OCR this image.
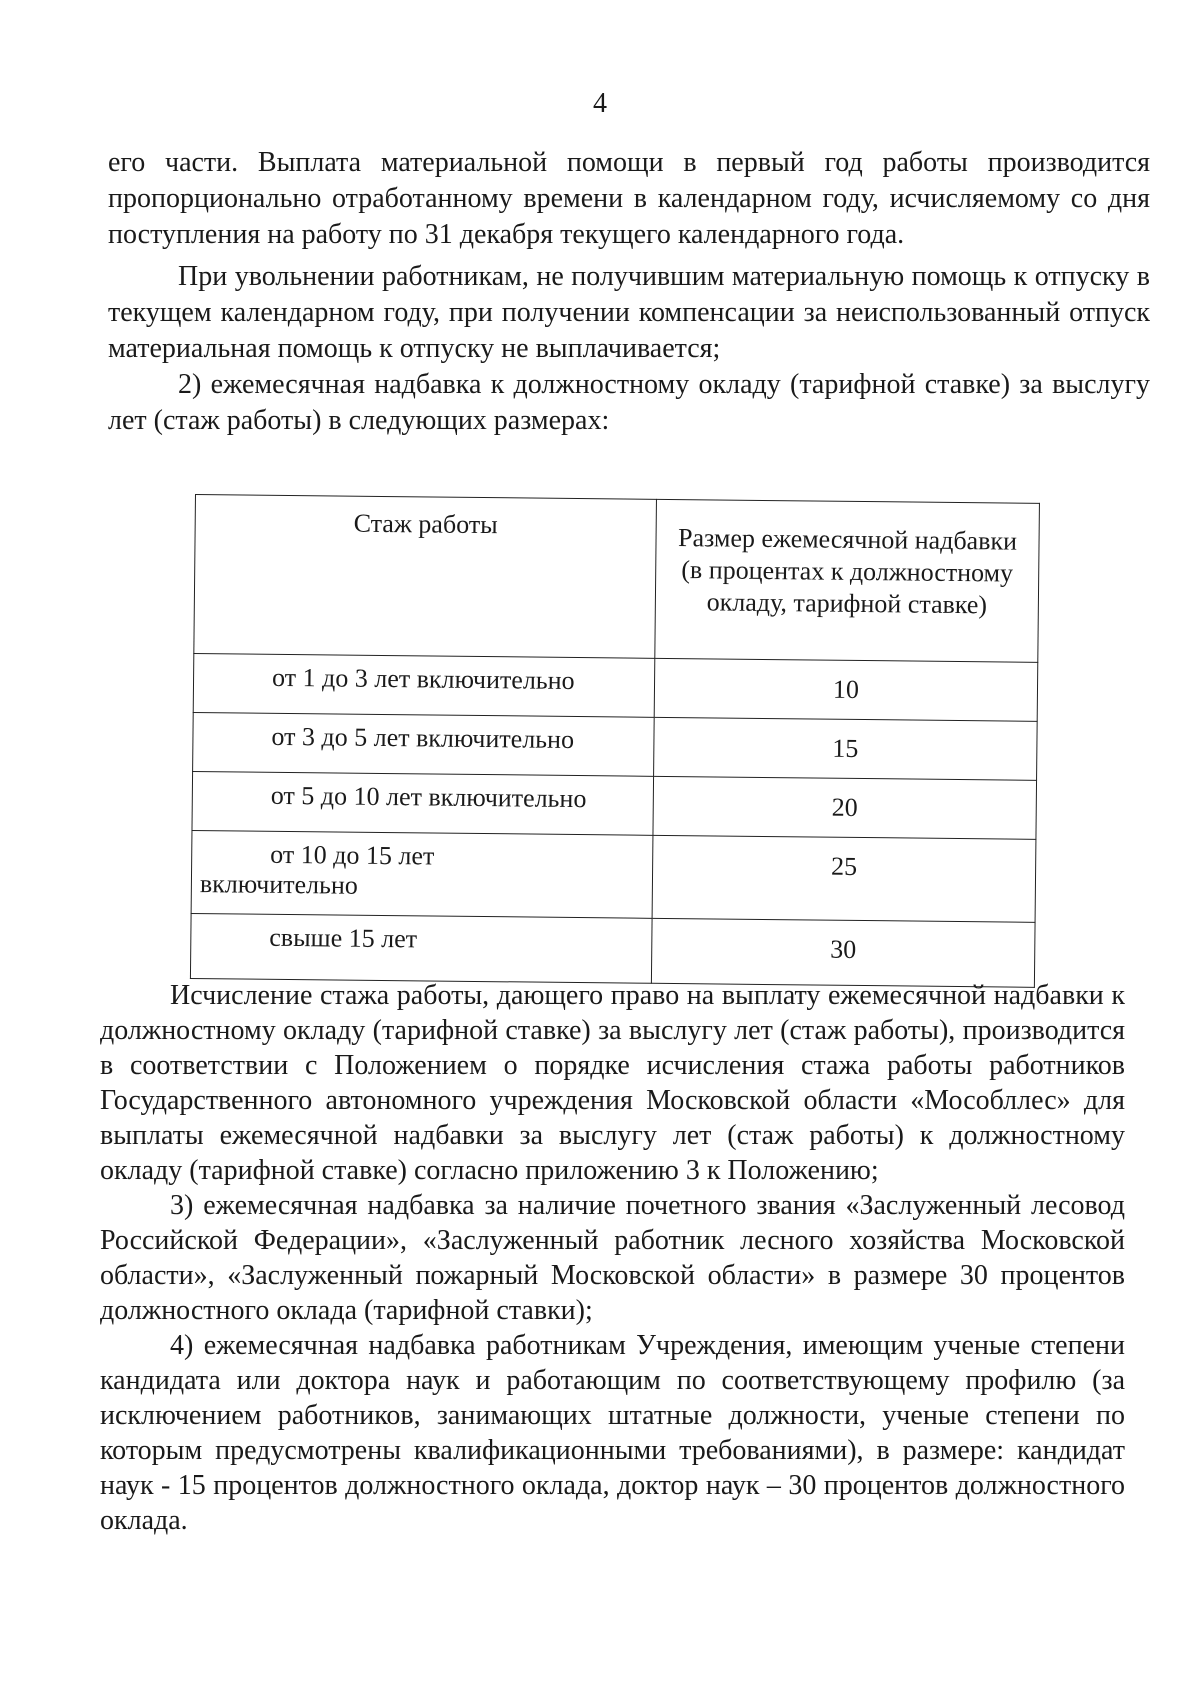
4

его части. Выплата материальной помощи в первый год работы производится пропорционально отработанному времени в календарном году, исчисляемому со дня поступления на работу по 31 декабря текущего календарного года.

При увольнении работникам, не получившим материальную помощь к отпуску в текущем календарном году, при получении компенсации за неиспользованный отпуск материальная помощь к отпуску не выплачивается;

2) ежемесячная надбавка к должностному окладу (тарифной ставке) за выслугу лет (стаж работы) в следующих размерах:

Стаж работы	Размер ежемесячной надбавки (в процентах к должностному окладу, тарифной ставке)
от 1 до 3 лет включительно	10
от 3 до 5 лет включительно	15
от 5 до 10 лет включительно	20
от 10 до 15 лет
включительно	25
свыше 15 лет	30

Исчисление стажа работы, дающего право на выплату ежемесячной надбавки к должностному окладу (тарифной ставке) за выслугу лет (стаж работы), производится в соответствии с Положением о порядке исчисления стажа работы работников Государственного автономного учреждения Московской области «Мособллес» для выплаты ежемесячной надбавки за выслугу лет (стаж работы) к должностному окладу (тарифной ставке) согласно приложению 3 к Положению;

3) ежемесячная надбавка за наличие почетного звания «Заслуженный лесовод Российской Федерации», «Заслуженный работник лесного хозяйства Московской области», «Заслуженный пожарный Московской области» в размере 30 процентов должностного оклада (тарифной ставки);

4) ежемесячная надбавка работникам Учреждения, имеющим ученые степени кандидата или доктора наук и работающим по соответствующему профилю (за исключением работников, занимающих штатные должности, ученые степени по которым предусмотрены квалификационными требованиями), в размере: кандидат наук - 15 процентов должностного оклада, доктор наук – 30 процентов должностного оклада.
